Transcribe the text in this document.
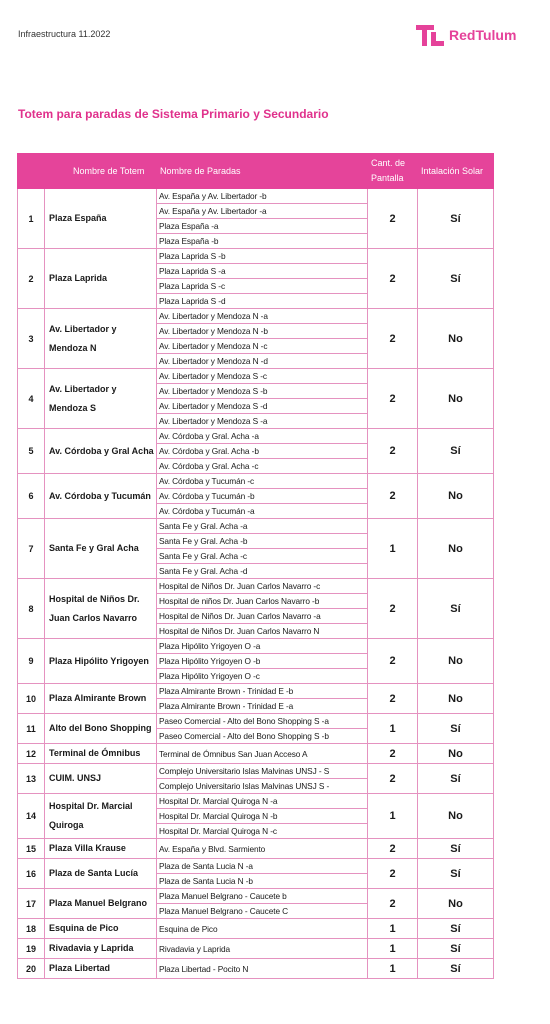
Infraestructura 11.2022	RedTulum
Totem para paradas de Sistema Primario y Secundario
	Nombre de Totem	Nombre de Paradas	Cant. de Pantalla	Intalación Solar
1	Plaza España	Av. España y Av. Libertador -b
Av. España y Av. Libertador -a
Plaza España -a
Plaza España -b	2	Sí
2	Plaza Laprida	Plaza Laprida S -b
Plaza Laprida S -a
Plaza Laprida S -c
Plaza Laprida S -d	2	Sí
3	Av. Libertador y Mendoza N	Av. Libertador y Mendoza N -a
Av. Libertador y Mendoza N -b
Av. Libertador y Mendoza N -c
Av. Libertador y Mendoza N -d	2	No
4	Av. Libertador y Mendoza S	Av. Libertador y Mendoza S -c
Av. Libertador y Mendoza S -b
Av. Libertador y Mendoza S -d
Av. Libertador y Mendoza S -a	2	No
5	Av. Córdoba y Gral Acha	Av. Córdoba y Gral. Acha -a
Av. Córdoba y Gral. Acha -b
Av. Córdoba y Gral. Acha -c	2	Sí
6	Av. Córdoba y Tucumán	Av. Córdoba y Tucumán -c
Av. Córdoba y Tucumán -b
Av. Córdoba y Tucumán -a	2	No
7	Santa Fe y Gral Acha	Santa Fe y Gral. Acha -a
Santa Fe y Gral. Acha -b
Santa Fe y Gral. Acha -c
Santa Fe y Gral. Acha -d	1	No
8	Hospital de Niños Dr. Juan Carlos Navarro	Hospital de Niños Dr. Juan Carlos Navarro -c
Hospital de niños Dr. Juan Carlos Navarro -b
Hospital de Niños Dr. Juan Carlos Navarro -a
Hospital de Niños Dr. Juan Carlos Navarro N	2	Sí
9	Plaza Hipólito Yrigoyen	Plaza Hipólito Yrigoyen O -a
Plaza Hipólito Yrigoyen O -b
Plaza Hipólito Yrigoyen O -c	2	No
10	Plaza Almirante Brown	Plaza Almirante Brown - Trinidad E -b
Plaza Almirante Brown - Trinidad E -a	2	No
11	Alto del Bono Shopping	Paseo Comercial - Alto del Bono Shopping S -a
Paseo Comercial - Alto del Bono Shopping S -b	1	Sí
12	Terminal de Ómnibus	Terminal de Ómnibus San Juan Acceso A	2	No
13	CUIM. UNSJ	Complejo Universitario Islas Malvinas UNSJ - S
Complejo Universitario Islas Malvinas UNSJ S -	2	Sí
14	Hospital Dr. Marcial Quiroga	Hospital Dr. Marcial Quiroga N -a
Hospital Dr. Marcial Quiroga N -b
Hospital Dr. Marcial Quiroga N -c	1	No
15	Plaza Villa Krause	Av. España y Blvd. Sarmiento	2	Sí
16	Plaza de Santa Lucía	Plaza de Santa Lucia N -a
Plaza de Santa Lucia N -b	2	Sí
17	Plaza Manuel Belgrano	Plaza Manuel Belgrano - Caucete b
Plaza Manuel Belgrano - Caucete C	2	No
18	Esquina de Pico	Esquina de Pico	1	Sí
19	Rivadavia y Laprida	Rivadavia y Laprida	1	Sí
20	Plaza Libertad	Plaza Libertad - Pocito N	1	Sí
